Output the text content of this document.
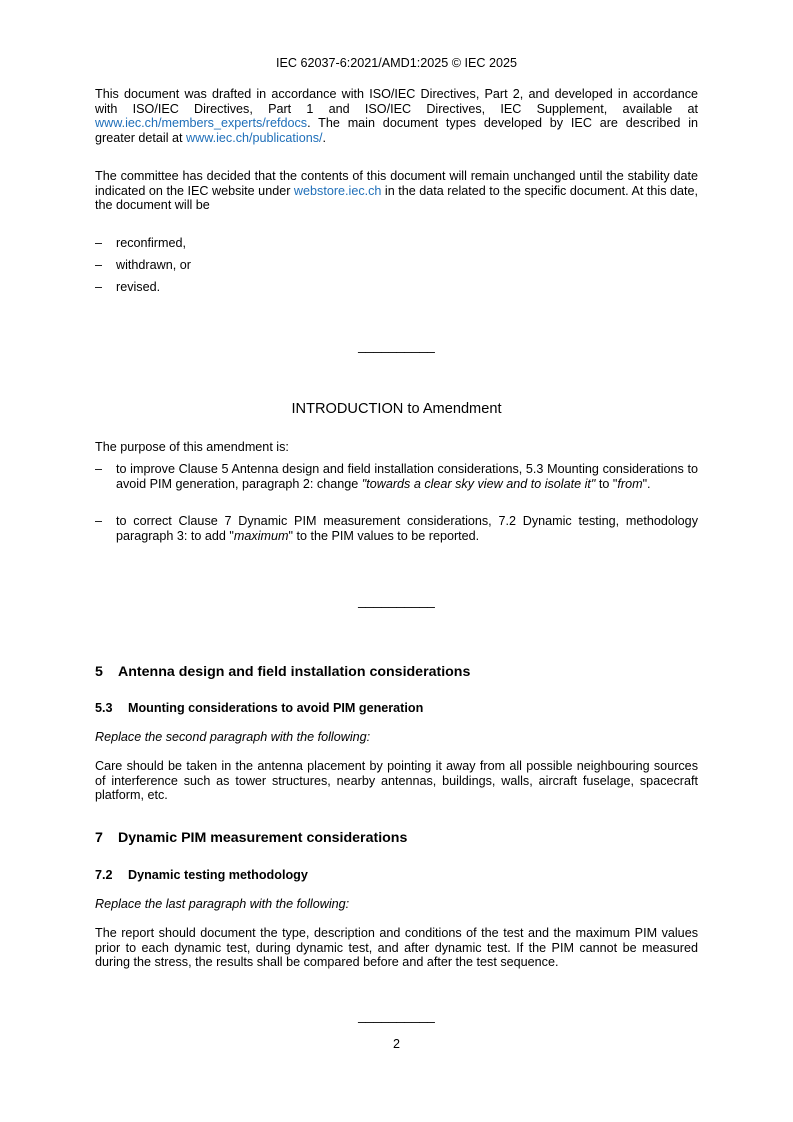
IEC 62037-6:2021/AMD1:2025 © IEC 2025

This document was drafted in accordance with ISO/IEC Directives, Part 2, and developed in accordance with ISO/IEC Directives, Part 1 and ISO/IEC Directives, IEC Supplement, available at www.iec.ch/members_experts/refdocs. The main document types developed by IEC are described in greater detail at www.iec.ch/publications/.

The committee has decided that the contents of this document will remain unchanged until the stability date indicated on the IEC website under webstore.iec.ch in the data related to the specific document. At this date, the document will be

– reconfirmed,
– withdrawn, or
– revised.
__________
INTRODUCTION to Amendment
The purpose of this amendment is:
– to improve Clause 5 Antenna design and field installation considerations, 5.3 Mounting considerations to avoid PIM generation, paragraph 2: change "towards a clear sky view and to isolate it" to "from".
– to correct Clause 7 Dynamic PIM measurement considerations, 7.2 Dynamic testing, methodology paragraph 3: to add "maximum" to the PIM values to be reported.
__________
5 Antenna design and field installation considerations
5.3 Mounting considerations to avoid PIM generation
Replace the second paragraph with the following:
Care should be taken in the antenna placement by pointing it away from all possible neighbouring sources of interference such as tower structures, nearby antennas, buildings, walls, aircraft fuselage, spacecraft platform, etc.
7 Dynamic PIM measurement considerations
7.2 Dynamic testing methodology
Replace the last paragraph with the following:
The report should document the type, description and conditions of the test and the maximum PIM values prior to each dynamic test, during dynamic test, and after dynamic test. If the PIM cannot be measured during the stress, the results shall be compared before and after the test sequence.
__________
2
